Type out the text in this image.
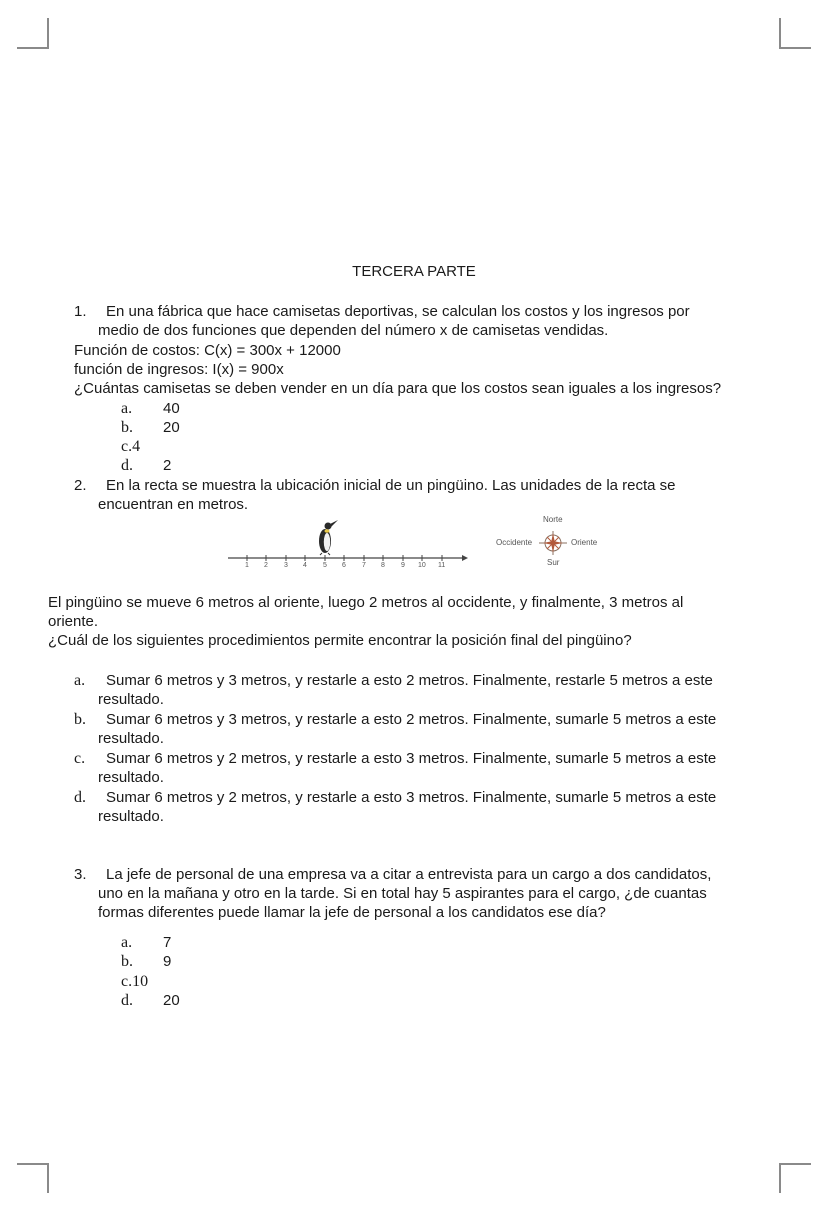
TERCERA PARTE
1. En una fábrica que hace camisetas deportivas, se calculan los costos y los ingresos por
medio de dos funciones que dependen del número x de camisetas vendidas.
Función de costos: C(x) = 300x + 12000
función de ingresos: I(x) = 900x
¿Cuántas camisetas se deben vender en un día para que los costos sean iguales a los ingresos?
a. 40
b. 20
c.4
d. 2
2. En la recta se muestra la ubicación inicial de un pingüino. Las unidades de la recta se
encuentran en metros.
1 2 3 4 5 6 7 8 9 10 11
Norte
Occidente	Oriente
Sur
El pingüino se mueve 6 metros al oriente, luego 2 metros al occidente, y finalmente, 3 metros al
oriente.
¿Cuál de los siguientes procedimientos permite encontrar la posición final del pingüino?
a. Sumar 6 metros y 3 metros, y restarle a esto 2 metros. Finalmente, restarle 5 metros a este
resultado.
b. Sumar 6 metros y 3 metros, y restarle a esto 2 metros. Finalmente, sumarle 5 metros a este
resultado.
c. Sumar 6 metros y 2 metros, y restarle a esto 3 metros. Finalmente, sumarle 5 metros a este
resultado.
d. Sumar 6 metros y 2 metros, y restarle a esto 3 metros. Finalmente, sumarle 5 metros a este
resultado.
3. La jefe de personal de una empresa va a citar a entrevista para un cargo a dos candidatos,
uno en la mañana y otro en la tarde. Si en total hay 5 aspirantes para el cargo, ¿de cuantas
formas diferentes puede llamar la jefe de personal a los candidatos ese día?
a. 7
b. 9
c.10
d. 20
